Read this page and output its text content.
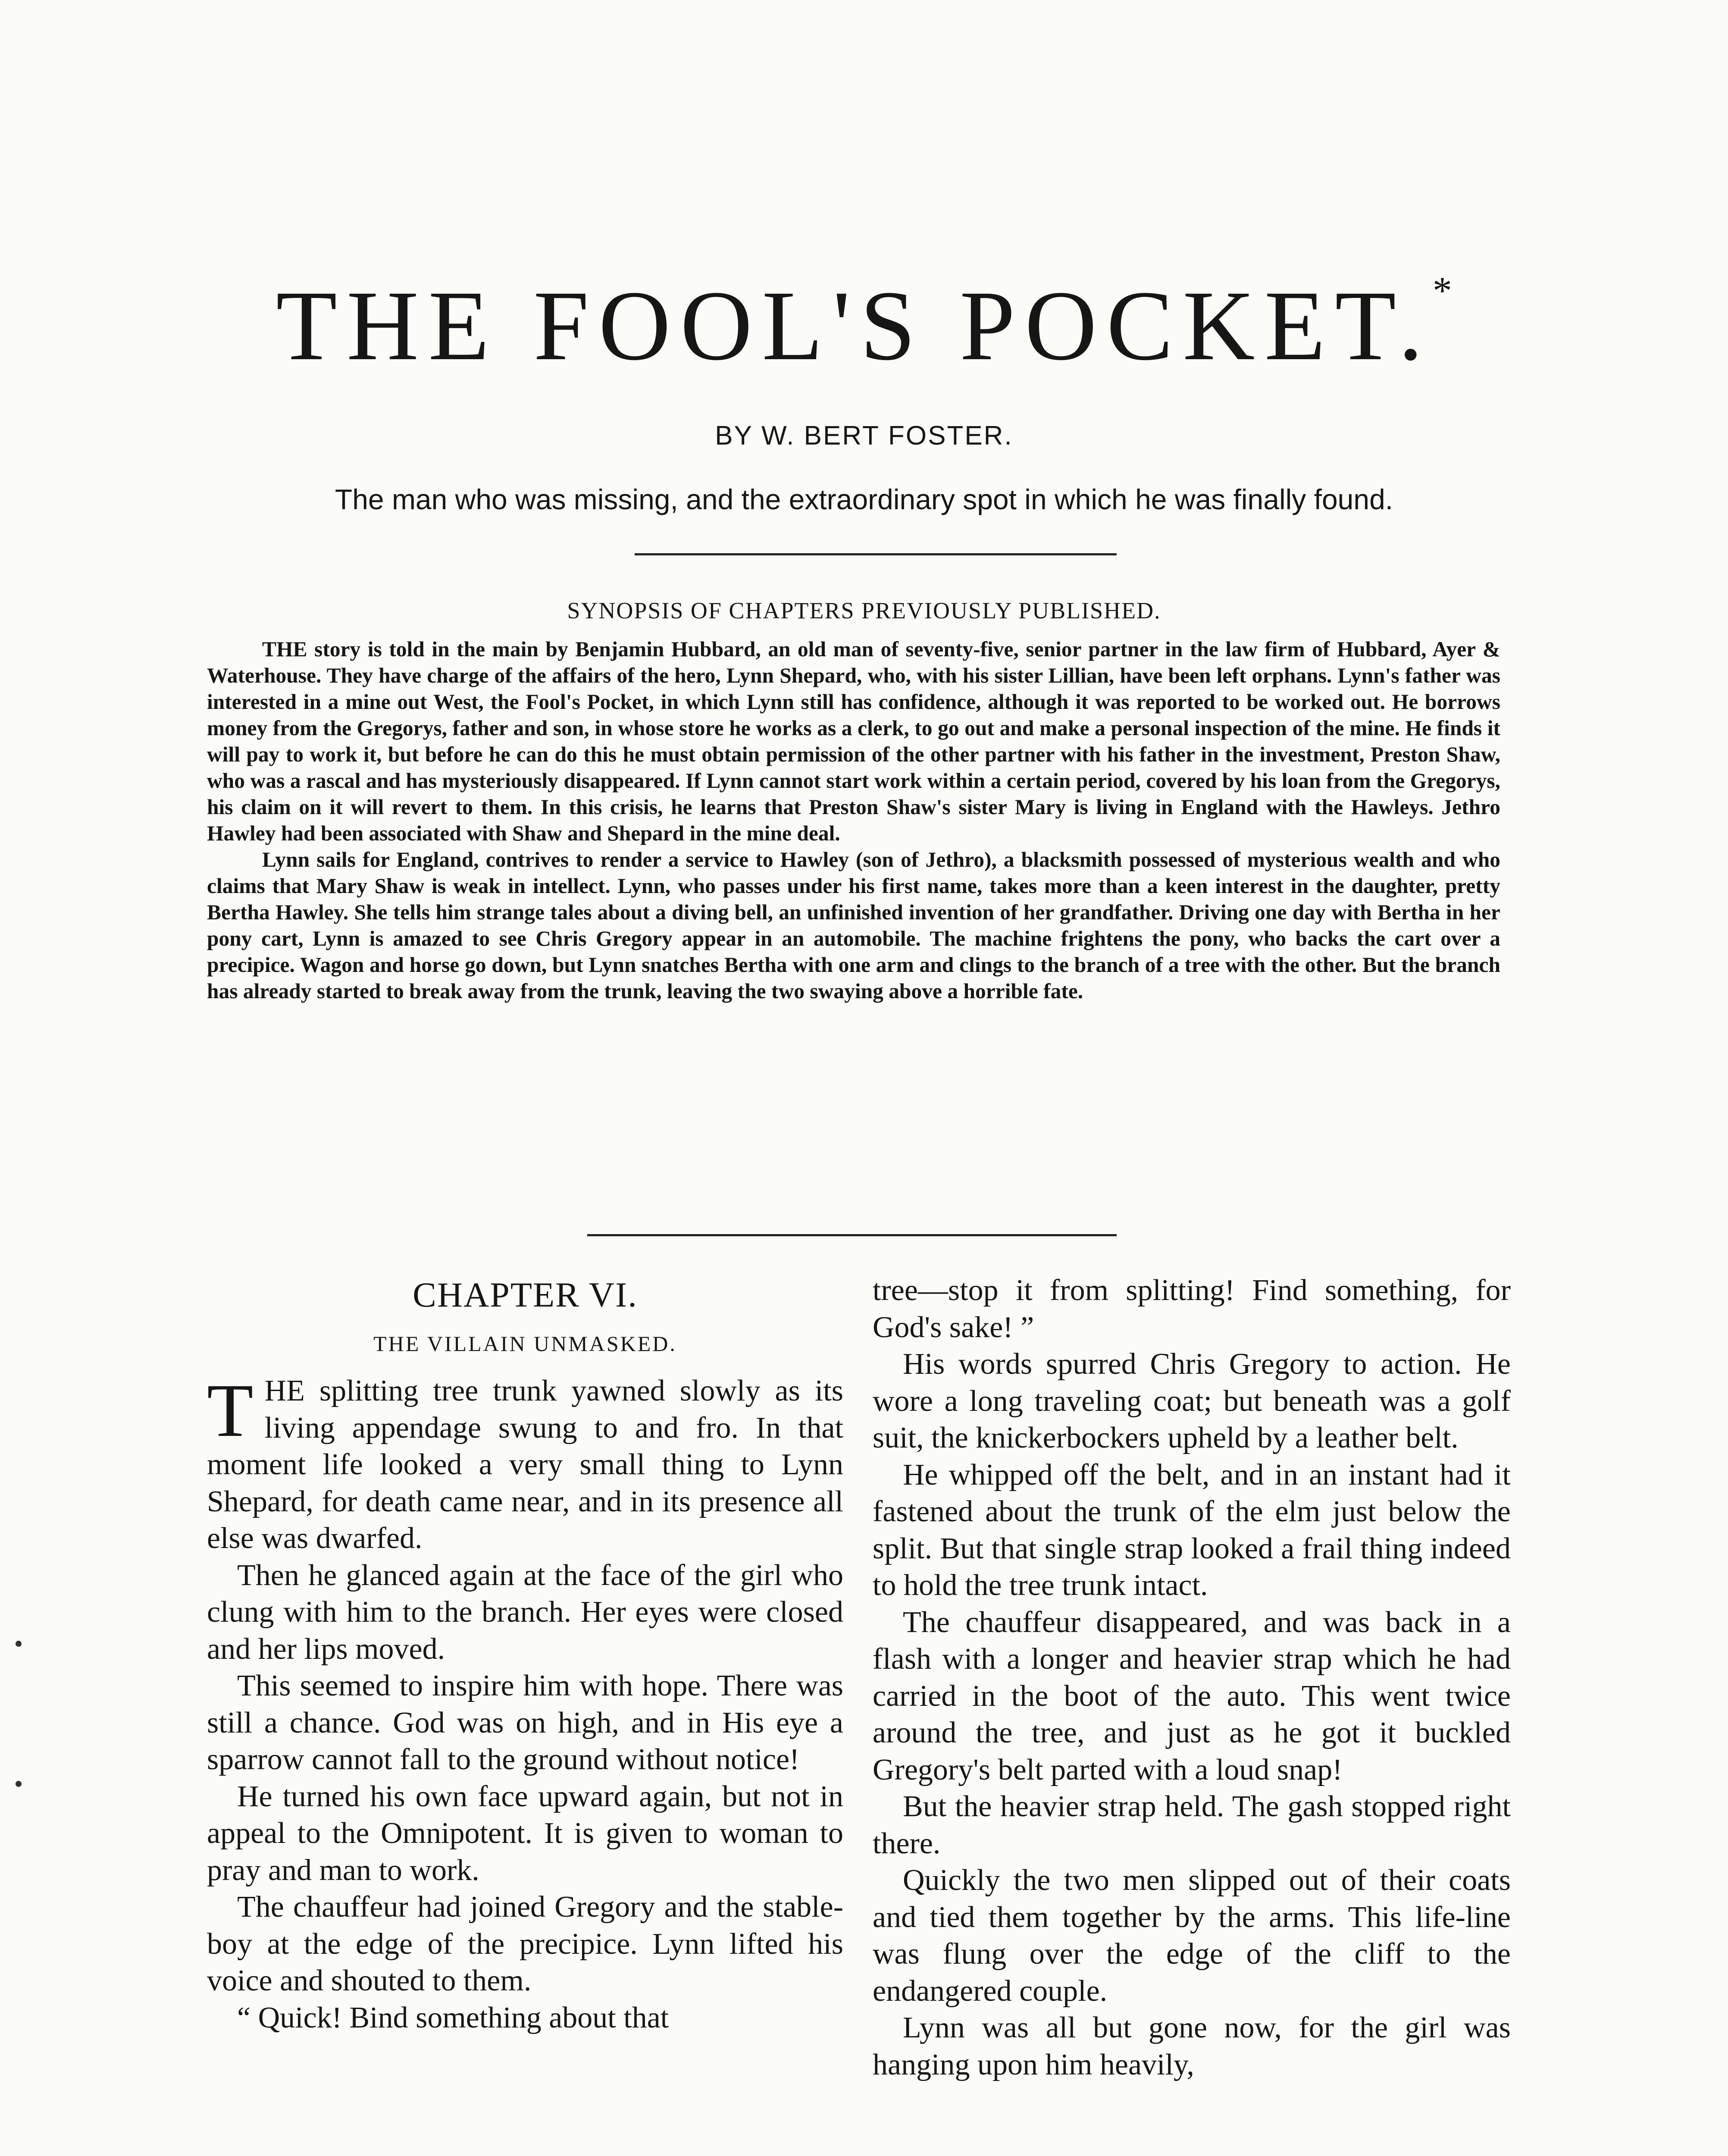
THE FOOL'S POCKET.*
BY W. BERT FOSTER.
The man who was missing, and the extraordinary spot in which he was finally found.
SYNOPSIS OF CHAPTERS PREVIOUSLY PUBLISHED.

THE story is told in the main by Benjamin Hubbard, an old man of seventy-five, senior partner in the law firm of Hubbard, Ayer & Waterhouse. They have charge of the affairs of the hero, Lynn Shepard, who, with his sister Lillian, have been left orphans. Lynn's father was interested in a mine out West, the Fool's Pocket, in which Lynn still has confidence, although it was reported to be worked out. He borrows money from the Gregorys, father and son, in whose store he works as a clerk, to go out and make a personal inspection of the mine. He finds it will pay to work it, but before he can do this he must obtain permission of the other partner with his father in the investment, Preston Shaw, who was a rascal and has mysteriously disappeared. If Lynn cannot start work within a certain period, covered by his loan from the Gregorys, his claim on it will revert to them. In this crisis, he learns that Preston Shaw's sister Mary is living in England with the Hawleys. Jethro Hawley had been associated with Shaw and Shepard in the mine deal.

Lynn sails for England, contrives to render a service to Hawley (son of Jethro), a blacksmith possessed of mysterious wealth and who claims that Mary Shaw is weak in intellect. Lynn, who passes under his first name, takes more than a keen interest in the daughter, pretty Bertha Hawley. She tells him strange tales about a diving bell, an unfinished invention of her grandfather. Driving one day with Bertha in her pony cart, Lynn is amazed to see Chris Gregory appear in an automobile. The machine frightens the pony, who backs the cart over a precipice. Wagon and horse go down, but Lynn snatches Bertha with one arm and clings to the branch of a tree with the other. But the branch has already started to break away from the trunk, leaving the two swaying above a horrible fate.

CHAPTER VI.
THE VILLAIN UNMASKED.

THE splitting tree trunk yawned slowly as its living appendage swung to and fro. In that moment life looked a very small thing to Lynn Shepard, for death came near, and in its presence all else was dwarfed.

Then he glanced again at the face of the girl who clung with him to the branch. Her eyes were closed and her lips moved.

This seemed to inspire him with hope. There was still a chance. God was on high, and in His eye a sparrow cannot fall to the ground without notice!

He turned his own face upward again, but not in appeal to the Omnipotent. It is given to woman to pray and man to work.

The chauffeur had joined Gregory and the stable-boy at the edge of the precipice. Lynn lifted his voice and shouted to them.

“ Quick! Bind something about that

tree—stop it from splitting! Find something, for God's sake! ”

His words spurred Chris Gregory to action. He wore a long traveling coat; but beneath was a golf suit, the knickerbockers upheld by a leather belt.

He whipped off the belt, and in an instant had it fastened about the trunk of the elm just below the split. But that single strap looked a frail thing indeed to hold the tree trunk intact.

The chauffeur disappeared, and was back in a flash with a longer and heavier strap which he had carried in the boot of the auto. This went twice around the tree, and just as he got it buckled Gregory's belt parted with a loud snap!

But the heavier strap held. The gash stopped right there.

Quickly the two men slipped out of their coats and tied them together by the arms. This life-line was flung over the edge of the cliff to the endangered couple.

Lynn was all but gone now, for the girl was hanging upon him heavily,
